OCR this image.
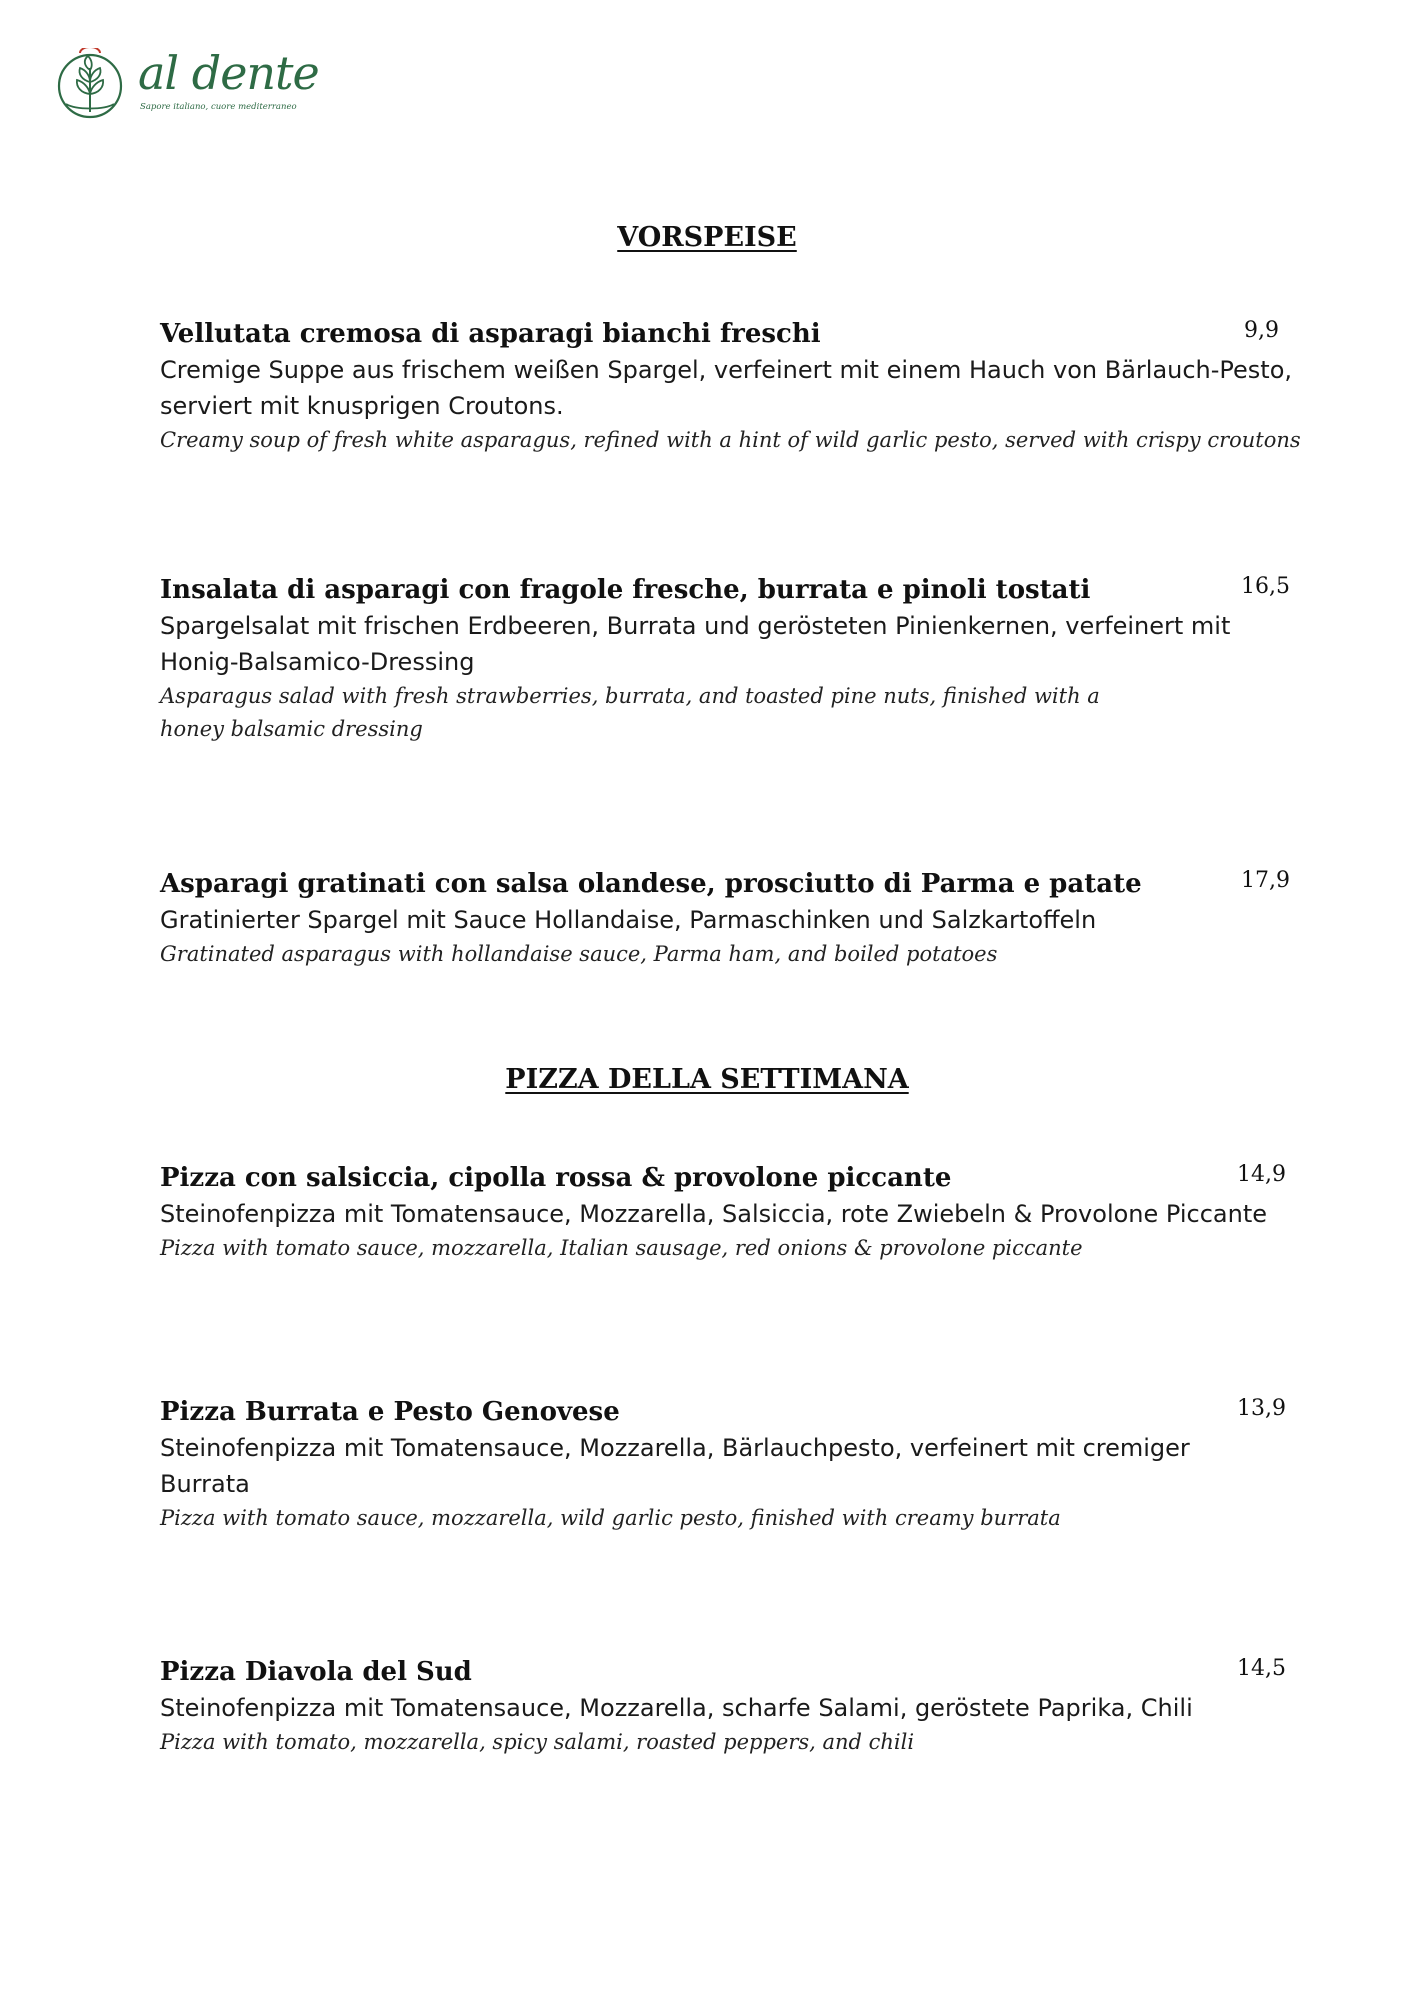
al dente
Sapore italiano, cuore mediterraneo
VORSPEISE
Vellutata cremosa di asparagi bianchi freschi
Cremige Suppe aus frischem weißen Spargel, verfeinert mit einem Hauch von Bärlauch-Pesto, serviert mit knusprigen Croutons.
Creamy soup of fresh white asparagus, refined with a hint of wild garlic pesto, served with crispy croutons
9,9
Insalata di asparagi con fragole fresche, burrata e pinoli tostati
Spargelsalat mit frischen Erdbeeren, Burrata und gerösteten Pinienkernen, verfeinert mit Honig-Balsamico-Dressing
Asparagus salad with fresh strawberries, burrata, and toasted pine nuts, finished with a honey balsamic dressing
16,5
Asparagi gratinati con salsa olandese, prosciutto di Parma e patate
Gratinierter Spargel mit Sauce Hollandaise, Parmaschinken und Salzkartoffeln
Gratinated asparagus with hollandaise sauce, Parma ham, and boiled potatoes
17,9
PIZZA DELLA SETTIMANA
Pizza con salsiccia, cipolla rossa & provolone piccante
Steinofenpizza mit Tomatensauce, Mozzarella, Salsiccia, rote Zwiebeln & Provolone Piccante
Pizza with tomato sauce, mozzarella, Italian sausage, red onions & provolone piccante
14,9
Pizza Burrata e Pesto Genovese
Steinofenpizza mit Tomatensauce, Mozzarella, Bärlauchpesto, verfeinert mit cremiger Burrata
Pizza with tomato sauce, mozzarella, wild garlic pesto, finished with creamy burrata
13,9
Pizza Diavola del Sud
Steinofenpizza mit Tomatensauce, Mozzarella, scharfe Salami, geröstete Paprika, Chili
Pizza with tomato, mozzarella, spicy salami, roasted peppers, and chili
14,5
